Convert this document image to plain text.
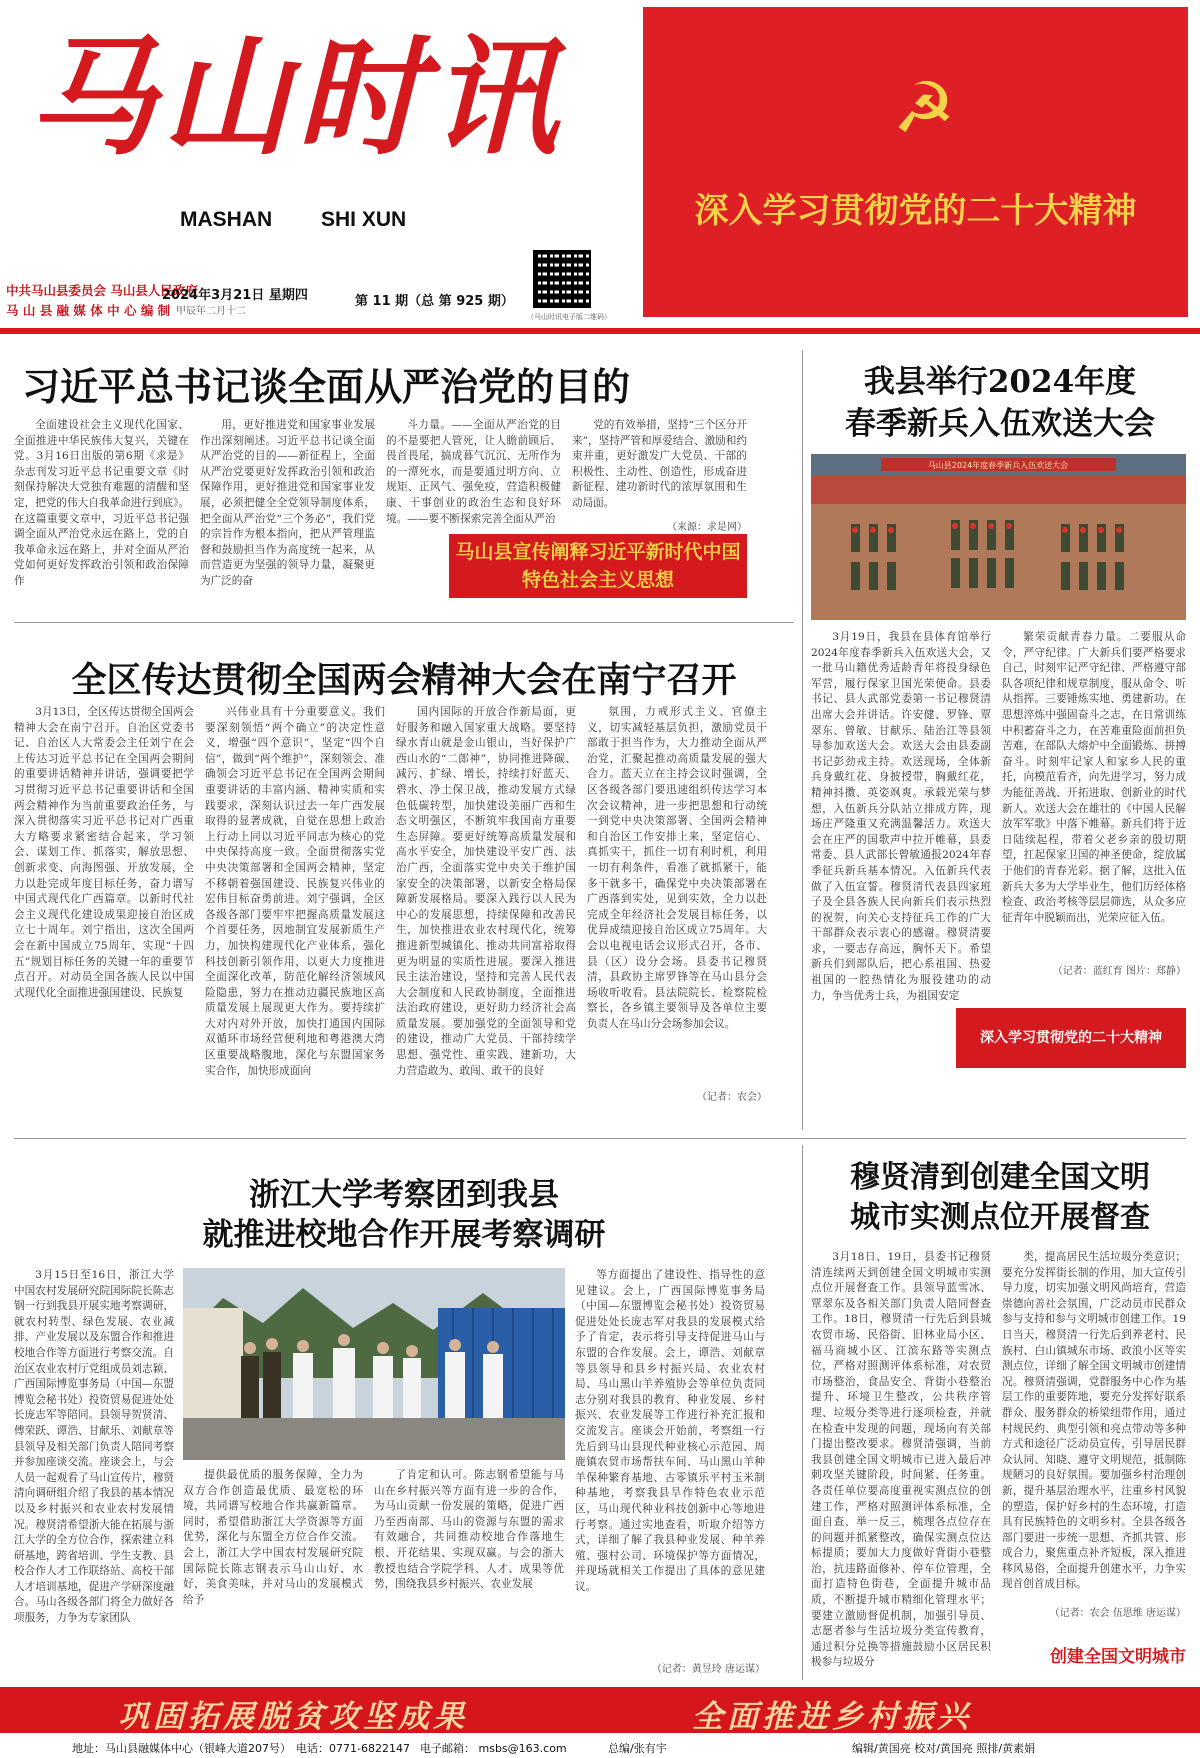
马山时讯
MASHAN SHI XUN
☭
深入学习贯彻党的二十大精神
中共马山县委员会 马山县人民政府
马 山 县 融 媒 体 中 心 编 制
2024年3月21日 星期四
甲辰年二月十二
第 11 期（总 第 925 期）
（马山时讯电子版二维码）
习近平总书记谈全面从严治党的目的
全面建设社会主义现代化国家、全面推进中华民族伟大复兴，关键在党。3月16日出版的第6期《求是》杂志刊发习近平总书记重要文章《时刻保持解决大党独有难题的清醒和坚定，把党的伟大自我革命进行到底》。在这篇重要文章中，习近平总书记强调全面从严治党永远在路上，党的自我革命永远在路上，并对全面从严治党如何更好发挥政治引领和政治保障作
用，更好推进党和国家事业发展作出深刻阐述。习近平总书记谈全面从严治党的目的——新征程上，全面从严治党要更好发挥政治引领和政治保障作用，更好推进党和国家事业发展，必须把健全全党领导制度体系，把全面从严治党“三个务必”，我们党的宗旨作为根本指向，把从严管理监督和鼓励担当作为高度统一起来，从而营造更为坚强的领导力量，凝聚更为广泛的奋
斗力量。——全面从严治党的目的不是要把人管死，让人瞻前顾后、畏首畏尾，搞成暮气沉沉、无所作为的一潭死水，而是要通过明方向、立规矩、正风气、强免疫，营造积极健康、干事创业的政治生态和良好环境。——要不断探索完善全面从严治
党的有效举措，坚持“三个区分开来”，坚持严管和厚爱结合、激励和约束并重，更好激发广大党员、干部的积极性、主动性、创造性，形成奋进新征程、建功新时代的浓厚氛围和生动局面。
（来源：求是网）
马山县宣传阐释习近平新时代中国特色社会主义思想
全区传达贯彻全国两会精神大会在南宁召开
3月13日，全区传达贯彻全国两会精神大会在南宁召开。自治区党委书记、自治区人大常委会主任刘宁在会上传达习近平总书记在全国两会期间的重要讲话精神并讲话，强调要把学习贯彻习近平总书记重要讲话和全国两会精神作为当前重要政治任务，与深入贯彻落实习近平总书记对广西重大方略要求紧密结合起来，学习领会、谋划工作、抓落实，解放思想、创新求变、向海图强、开放发展，全力以赴完成年度目标任务，奋力谱写中国式现代化广西篇章。以新时代社会主义现代化建设成果迎接自治区成立七十周年。刘宁指出，这次全国两会在新中国成立75周年、实现“十四五”规划目标任务的关键一年的重要节点召开。对动员全国各族人民以中国式现代化全面推进强国建设、民族复
兴伟业具有十分重要意义。我们要深刻领悟“两个确立”的决定性意义，增强“四个意识”，坚定“四个自信”，做到“两个维护”，深刻领会、准确领会习近平总书记在全国两会期间重要讲话的丰富内涵、精神实质和实践要求，深刻认识过去一年广西发展取得的显著成就，自觉在思想上政治上行动上同以习近平同志为核心的党中央保持高度一致。全面贯彻落实党中央决策部署和全国两会精神，坚定不移朝着强国建设、民族复兴伟业的宏伟目标奋勇前进。刘宁强调，全区各级各部门要牢牢把握高质量发展这个首要任务，因地制宜发展新质生产力，加快构建现代化产业体系，强化科技创新引领作用，以更大力度推进全面深化改革，防范化解经济领域风险隐患，努力在推动边疆民族地区高质量发展上展现更大作为。要持续扩大对内对外开放，加快打通国内国际双循环市场经营便利地和粤港澳大湾区重要战略腹地，深化与东盟国家务实合作，加快形成面向
国内国际的开放合作新局面，更好服务和融入国家重大战略。要坚持绿水青山就是金山银山，当好保护广西山水的“二郎神”，协同推进降碳、减污、扩绿、增长，持续打好蓝天、碧水、净土保卫战，推动发展方式绿色低碳转型，加快建设美丽广西和生态文明强区，不断筑牢我国南方重要生态屏障。要更好统筹高质量发展和高水平安全，加快建设平安广西、法治广西，全面落实党中央关于维护国家安全的决策部署，以新安全格局保障新发展格局。要深入践行以人民为中心的发展思想，持续保障和改善民生，加快推进农业农村现代化，统筹推进新型城镇化、推动共同富裕取得更为明显的实质性进展。要深入推进民主法治建设，坚持和完善人民代表大会制度和人民政协制度，全面推进法治政府建设，更好助力经济社会高质量发展。要加强党的全面领导和党的建设，推动广大党员、干部持续学思想、强党性、重实践、建新功，大力营造敢为、敢闯、敢干的良好
氛围，力戒形式主义、官僚主义，切实减轻基层负担，激励党员干部敢于担当作为，大力推动全面从严治党，汇聚起推动高质量发展的强大合力。蓝天立在主持会议时强调，全区各级各部门要迅速组织传达学习本次会议精神，进一步把思想和行动统一到党中央决策部署、全国两会精神和自治区工作安排上来，坚定信心、真抓实干，抓住一切有利时机，利用一切有利条件，看准了就抓紧干，能多干就多干，确保党中央决策部署在广西落到实处，见到实效，全力以赴完成全年经济社会发展目标任务，以优异成绩迎接自治区成立75周年。大会以电视电话会议形式召开，各市、县（区）设分会场。县委书记穆贤清，县政协主席罗锋等在马山县分会场收听收看。县法院院长、检察院检察长，各乡镇主要领导及各单位主要负责人在马山分会场参加会议。
（记者：农会）
我县举行2024年度
春季新兵入伍欢送大会
马山县2024年度春季新兵入伍欢送大会
3月19日，我县在县体育馆举行2024年度春季新兵入伍欢送大会，又一批马山籍优秀适龄青年将投身绿色军营，履行保家卫国光荣使命。县委书记、县人武部党委第一书记穆贤清出席大会并讲话。许安健、罗锋、覃翠东、曾敏、甘献乐、陆治江等县领导参加欢送大会。欢送大会由县委副书记彭劲戎主持。欢送现场，全体新兵身戴红花、身披授带，胸戴红花，精神抖擞、英姿飒爽。承载光荣与梦想，入伍新兵分队站立排成方阵，现场庄严隆重又充满温馨活力。欢送大会在庄严的国歌声中拉开帷幕，县委常委、县人武部长曾敏通报2024年春季征兵新兵基本情况。入伍新兵代表做了入伍宣誓。穆贤清代表县四家班子及全县各族人民向新兵们表示热烈的祝贺，向关心支持征兵工作的广大干部群众表示衷心的感谢。穆贤清要求，一要志存高远，胸怀天下。希望新兵们到部队后，把心系祖国、热爱祖国的一腔热情化为服役建功的动力，争当优秀士兵，为祖国安定
繁荣贡献青春力量。二要服从命令，严守纪律。广大新兵们要严格要求自己，时刻牢记严守纪律、严格遵守部队各项纪律和规章制度，服从命令、听从指挥。三要锤炼实地、勇建新功。在思想淬炼中强固奋斗之志，在日常训练中积蓄奋斗之力，在苦难重险面前担负苦难，在部队大熔炉中全面锻炼、拼搏奋斗。时刻牢记家人和家乡人民的重托，向模范看齐，向先进学习，努力成为能征善战、开拓进取、创新业的时代新人。欢送大会在雄壮的《中国人民解放军军歌》中落下帷幕。新兵们将于近日陆续起程，带着父老乡亲的殷切期望，扛起保家卫国的神圣使命，绽放属于他们的青春光彩。据了解，这批入伍新兵大多为大学毕业生，他们历经体格检查、政治考核等层层筛选，从众多应征青年中脱颖而出，光荣应征入伍。
（记者：蓝红育 图片：郑静）
深入学习贯彻党的二十大精神
浙江大学考察团到我县
就推进校地合作开展考察调研
3月15日至16日，浙江大学中国农村发展研究院国际院长陈志钢一行到我县开展实地考察调研，就农村转型、绿色发展、农业减排、产业发展以及东盟合作和推进校地合作等方面进行考察交流。自治区农业农村厅党组成员刘志颖、广西国际博览事务局（中国—东盟博览会秘书处）投资贸易促进处处长庞志军等陪同。县领导贺贤清、傅荣跃、谭浩、甘献乐、刘献章等县领导及相关部门负责人陪同考察并参加座谈交流。座谈会上，与会人员一起观看了马山宣传片，穆贤清向调研组介绍了我县的基本情况以及乡村振兴和农业农村发展情况。穆贤清希望浙大能在拓展与浙江大学的全方位合作，探索建立科研基地，跨省培训、学生支教、县校合作人才工作联络站、高校干部人才培训基地，促进产学研深度融合。马山各级各部门将全力做好各项服务，力争为专家团队
提供最优质的服务保障，全力为双方合作创造最优质、最宽松的环境，共同谱写校地合作共赢新篇章。同时，希望借助浙江大学资源等方面优势，深化与东盟全方位合作交流。会上，浙江大学中国农村发展研究院国际院长陈志钢表示马山山好、水好，美食美味，并对马山的发展模式给予
了肯定和认可。陈志钢希望能与马山在乡村振兴等方面有进一步的合作，为马山贡献一份发展的策略，促进广西乃至西南部、马山的资源与东盟的需求有效融合，共同推动校地合作落地生根、开花结果、实现双赢。与会的浙大教授也结合学院学科、人才、成果等优势，围绕我县乡村振兴、农业发展
等方面提出了建设性、指导性的意见建议。会上，广西国际博览事务局（中国—东盟博览会秘书处）投资贸易促进处处长庞志军对我县的发展模式给予了肯定，表示将引导支持促进马山与东盟的合作发展。会上，谭浩、刘献章等县领导和县乡村振兴局、农业农村局、马山黑山羊养殖协会等单位负责同志分别对我县的教育、种业发展、乡村振兴、农业发展等工作进行补充汇报和交流发言。座谈会开始前，考察组一行先后到马山县现代种业核心示范园、周鹿镇农贸市场帮扶车间、马山黑山羊种羊保种繁育基地、古零镇乐平村玉米制种基地，考察我县旱作特色农业示范区，马山现代种业科技创新中心等地进行考察。通过实地查看，听取介绍等方式，详细了解了我县种业发展、种羊养殖、强村公司、环境保护等方面情况，并现场就相关工作提出了具体的意见建议。
（记者：黄昱玲 唐运谋）
穆贤清到创建全国文明
城市实测点位开展督查
3月18日、19日，县委书记穆贤清连续两天到创建全国文明城市实测点位开展督查工作。县领导蓝雪冰、覃翠东及各相关部门负责人陪同督查工作。18日，穆贤清一行先后到县城农贸市场、民俗街、旧林业局小区、福马商城小区、江滨东路等实测点位，严格对照测评体系标准，对农贸市场整治，食品安全、背街小巷整治提升、环境卫生整改，公共秩序管理、垃圾分类等进行逐项检查，并就在检查中发现的问题，现场向有关部门提出整改要求。穆贤清强调，当前我县创建全国文明城市已进入最后冲刺攻坚关键阶段，时间紧、任务重。各责任单位要高度重视实测点位的创建工作，严格对照测评体系标准，全面自查、举一反三，梳理各点位存在的问题并抓紧整改，确保实测点位达标提质；要加大力度做好背街小巷整治，抗违路面修补、停车位管理，全面打造特色街巷，全面提升城市品质，不断提升城市精细化管理水平；要建立激励督促机制，加强引导员、志愿者参与生活垃圾分类宣传教育，通过积分兑换等措施鼓励小区居民积极参与垃圾分
类，提高居民生活垃圾分类意识；要充分发挥街长制的作用，加大宣传引导力度，切实加强文明风尚培育，营造崇德向善社会氛围，广泛动员市民群众参与支持和参与文明城市创建工作。19日当天，穆贤清一行先后到养老村、民族村、白山镇城东市场、政浪小区等实测点位，详细了解全国文明城市创建情况。穆贤清强调，党群服务中心作为基层工作的重要阵地，要充分发挥好联系群众、服务群众的桥梁纽带作用，通过村规民约、典型引领和亮点带动等多种方式和途径广泛动员宣传，引导居民群众认同、知晓、遵守文明规范，抵制陈规陋习的良好氛围。要加强乡村治理创新，提升基层治理水平，注重乡村风貌的塑造，保护好乡村的生态环境，打造具有民族特色的文明乡村。全县各级各部门要进一步统一思想、齐抓共管、形成合力，聚焦重点补齐短板，深入推进移风易俗，全面提升创建水平，力争实现首创首成目标。
（记者：农会 伍思维 唐运谋）
创建全国文明城市
巩固拓展脱贫攻坚成果	全面推进乡村振兴
地址：马山县融媒体中心（银峰大道207号） 电话：0771-6822147 电子邮箱： msbs@163.com	总编/张有宇	编辑/黄国亮 校对/黄国亮 照排/黄素娟
